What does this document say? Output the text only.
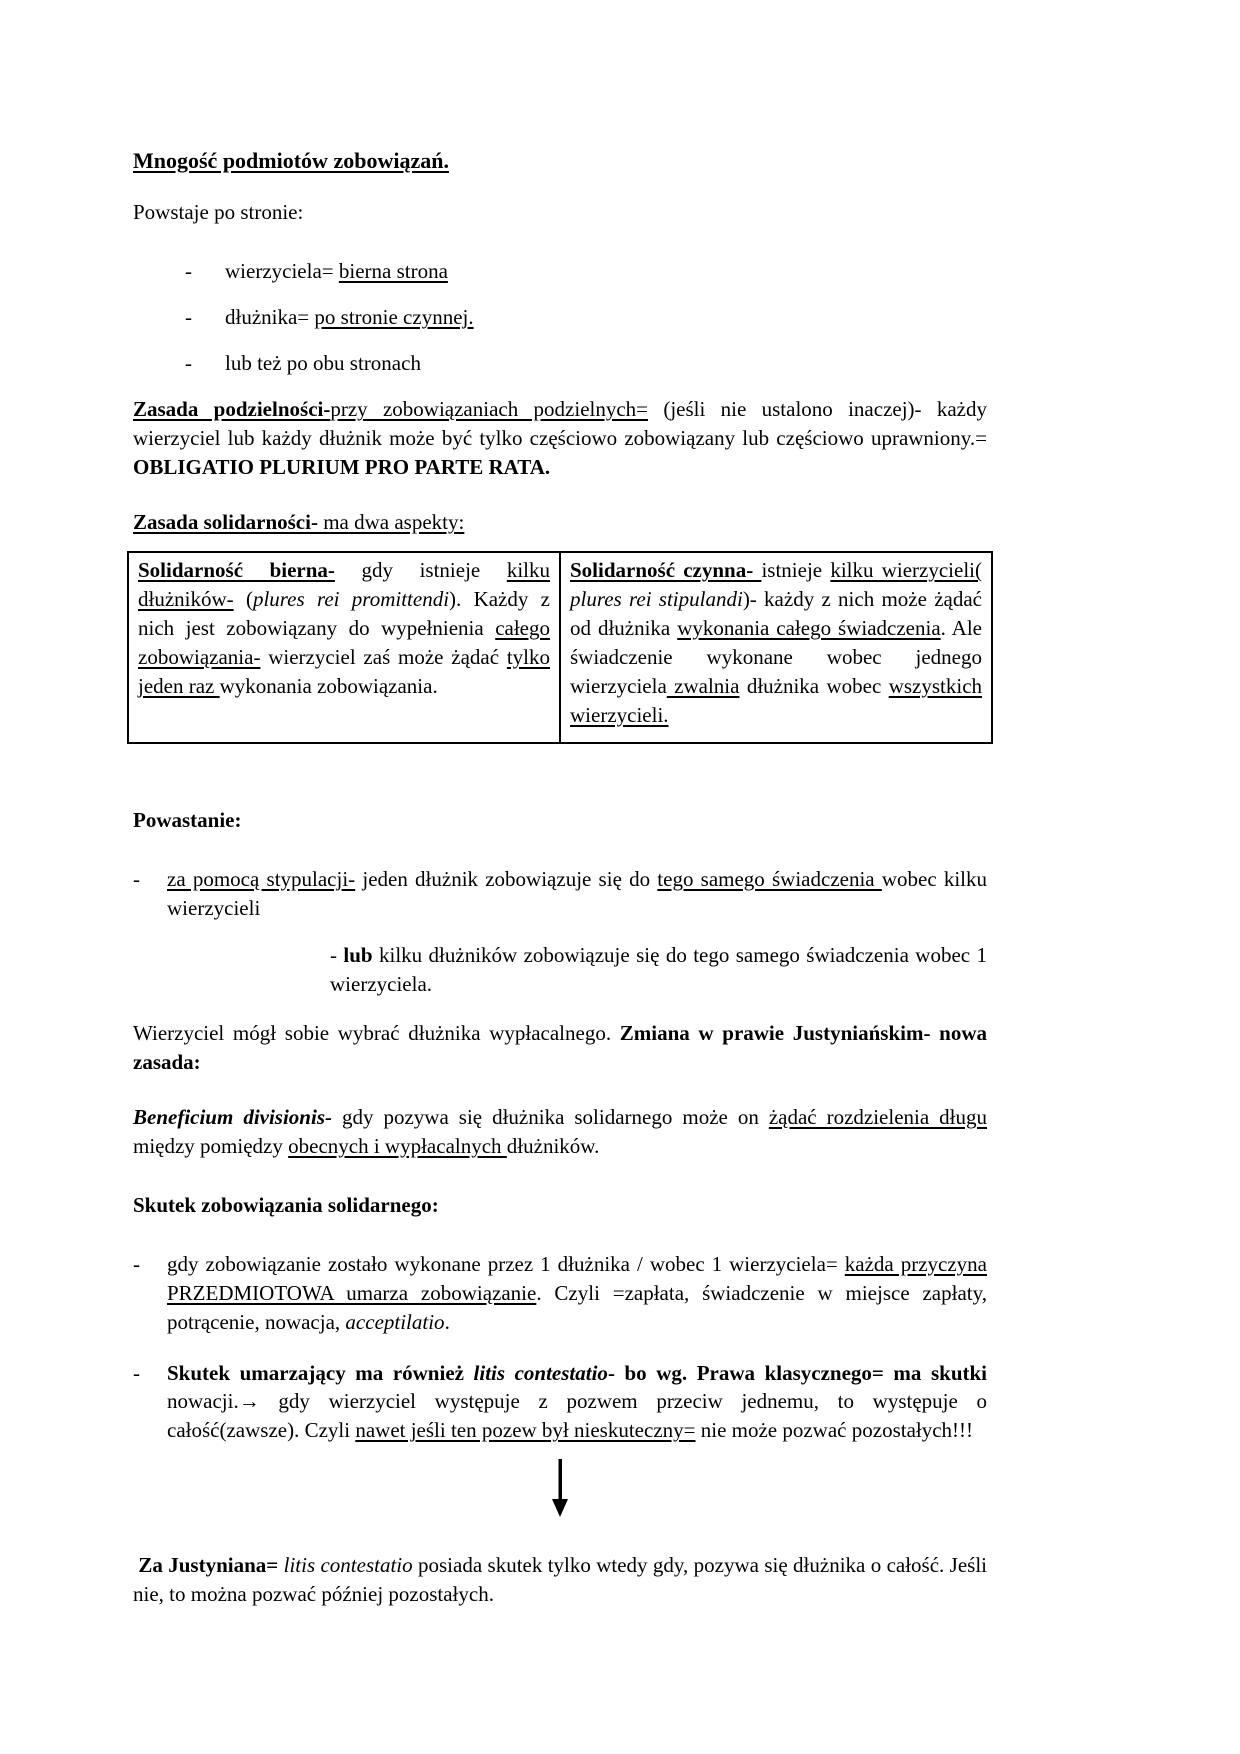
Mnogość podmiotów zobowiązań.

Powstaje po stronie:

-	wierzyciela= bierna strona
-	dłużnika= po stronie czynnej.
-	lub też po obu stronach

Zasada podzielności-przy zobowiązaniach podzielnych= (jeśli nie ustalono inaczej)- każdy wierzyciel lub każdy dłużnik może być tylko częściowo zobowiązany lub częściowo uprawniony.= OBLIGATIO PLURIUM PRO PARTE RATA.

Zasada solidarności- ma dwa aspekty:

Solidarność bierna- gdy istnieje kilku dłużników- (plures rei promittendi). Każdy z nich jest zobowiązany do wypełnienia całego zobowiązania- wierzyciel zaś może żądać tylko jeden raz wykonania zobowiązania.	Solidarność czynna- istnieje kilku wierzycieli( plures rei stipulandi)- każdy z nich może żądać od dłużnika wykonania całego świadczenia. Ale świadczenie wykonane wobec jednego wierzyciela zwalnia dłużnika wobec wszystkich wierzycieli.

Powastanie:

-	za pomocą stypulacji- jeden dłużnik zobowiązuje się do tego samego świadczenia wobec kilku wierzycieli

- lub kilku dłużników zobowiązuje się do tego samego świadczenia wobec 1 wierzyciela.

Wierzyciel mógł sobie wybrać dłużnika wypłacalnego. Zmiana w prawie Justyniańskim- nowa zasada:

Beneficium divisionis- gdy pozywa się dłużnika solidarnego może on żądać rozdzielenia długu między pomiędzy obecnych i wypłacalnych dłużników.

Skutek zobowiązania solidarnego:

-	gdy zobowiązanie zostało wykonane przez 1 dłużnika / wobec 1 wierzyciela= każda przyczyna PRZEDMIOTOWA umarza zobowiązanie. Czyli =zapłata, świadczenie w miejsce zapłaty, potrącenie, nowacja, acceptilatio.
-	Skutek umarzający ma również litis contestatio- bo wg. Prawa klasycznego= ma skutki nowacji.→ gdy wierzyciel występuje z pozwem przeciw jednemu, to występuje o całość(zawsze). Czyli nawet jeśli ten pozew był nieskuteczny= nie może pozwać pozostałych!!!

Za Justyniana= litis contestatio posiada skutek tylko wtedy gdy, pozywa się dłużnika o całość. Jeśli nie, to można pozwać później pozostałych.
